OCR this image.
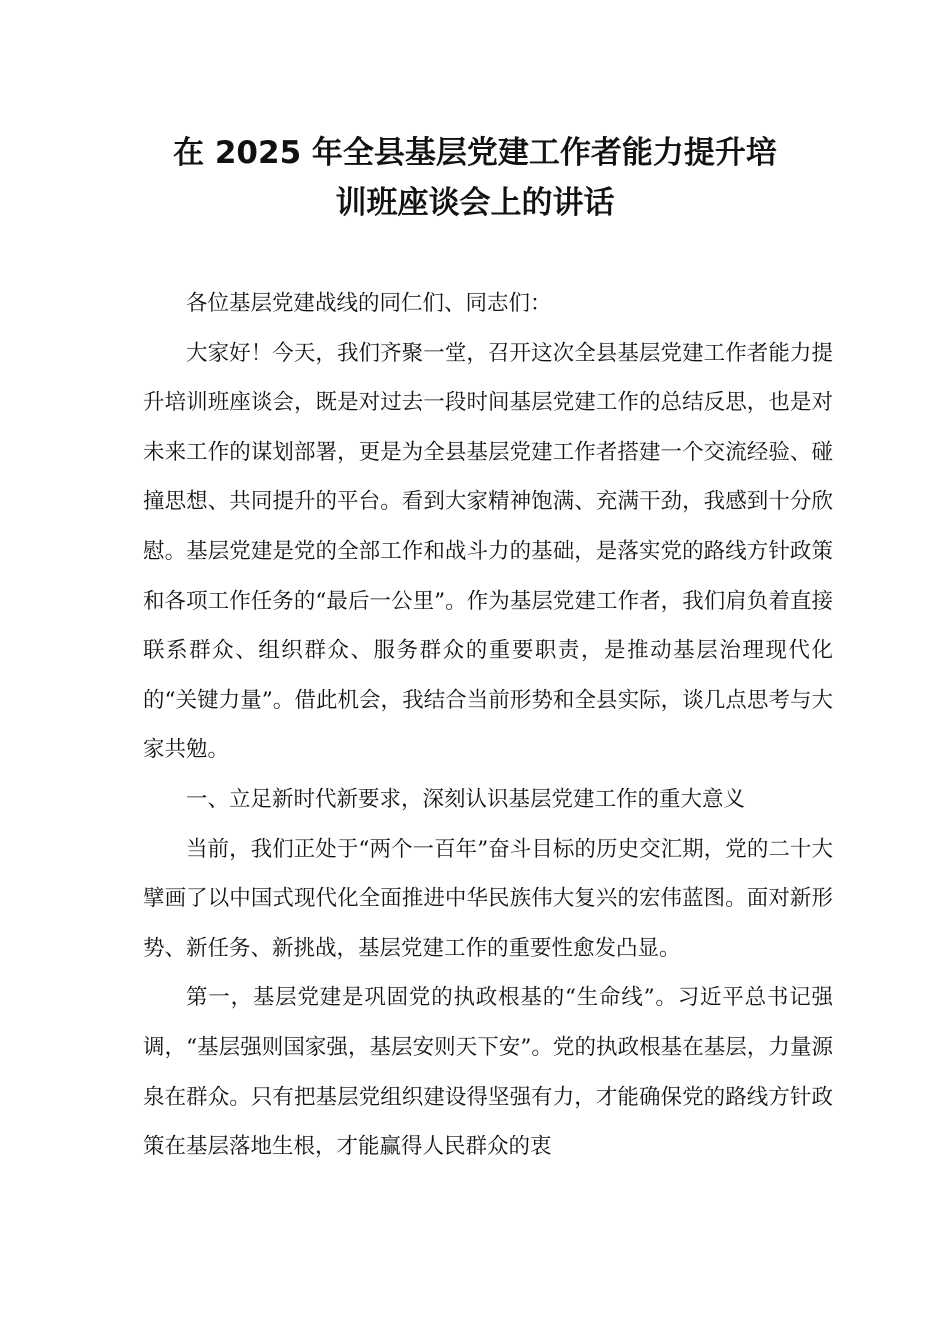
在 2025 年全县基层党建工作者能力提升培
训班座谈会上的讲话

各位基层党建战线的同仁们、同志们：

大家好！今天，我们齐聚一堂，召开这次全县基层党建工作者能力提升培训班座谈会，既是对过去一段时间基层党建工作的总结反思，也是对未来工作的谋划部署，更是为全县基层党建工作者搭建一个交流经验、碰撞思想、共同提升的平台。看到大家精神饱满、充满干劲，我感到十分欣慰。基层党建是党的全部工作和战斗力的基础，是落实党的路线方针政策和各项工作任务的“最后一公里”。作为基层党建工作者，我们肩负着直接联系群众、组织群众、服务群众的重要职责，是推动基层治理现代化的“关键力量”。借此机会，我结合当前形势和全县实际，谈几点思考与大家共勉。

一、立足新时代新要求，深刻认识基层党建工作的重大意义

当前，我们正处于“两个一百年”奋斗目标的历史交汇期，党的二十大擘画了以中国式现代化全面推进中华民族伟大复兴的宏伟蓝图。面对新形势、新任务、新挑战，基层党建工作的重要性愈发凸显。

第一，基层党建是巩固党的执政根基的“生命线”。习近平总书记强调，“基层强则国家强，基层安则天下安”。党的执政根基在基层，力量源泉在群众。只有把基层党组织建设得坚强有力，才能确保党的路线方针政策在基层落地生根，才能赢得人民群众的衷
